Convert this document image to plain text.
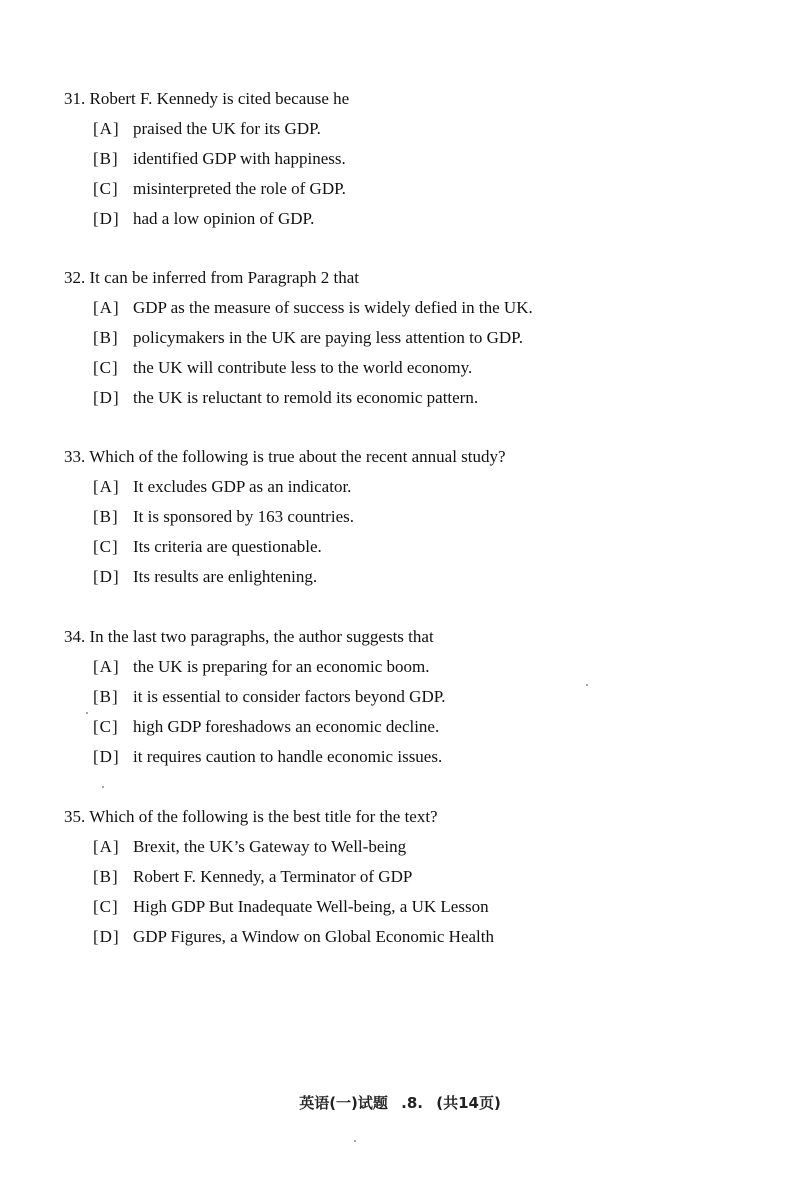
31. Robert F. Kennedy is cited because he
[A] praised the UK for its GDP.
[B] identified GDP with happiness.
[C] misinterpreted the role of GDP.
[D] had a low opinion of GDP.
32. It can be inferred from Paragraph 2 that
[A] GDP as the measure of success is widely defied in the UK.
[B] policymakers in the UK are paying less attention to GDP.
[C] the UK will contribute less to the world economy.
[D] the UK is reluctant to remold its economic pattern.
33. Which of the following is true about the recent annual study?
[A] It excludes GDP as an indicator.
[B] It is sponsored by 163 countries.
[C] Its criteria are questionable.
[D] Its results are enlightening.
34. In the last two paragraphs, the author suggests that
[A] the UK is preparing for an economic boom.
[B] it is essential to consider factors beyond GDP.
[C] high GDP foreshadows an economic decline.
[D] it requires caution to handle economic issues.
35. Which of the following is the best title for the text?
[A] Brexit, the UK’s Gateway to Well-being
[B] Robert F. Kennedy, a Terminator of GDP
[C] High GDP But Inadequate Well-being, a UK Lesson
[D] GDP Figures, a Window on Global Economic Health
英语(一)试题 .8. (共14页)
